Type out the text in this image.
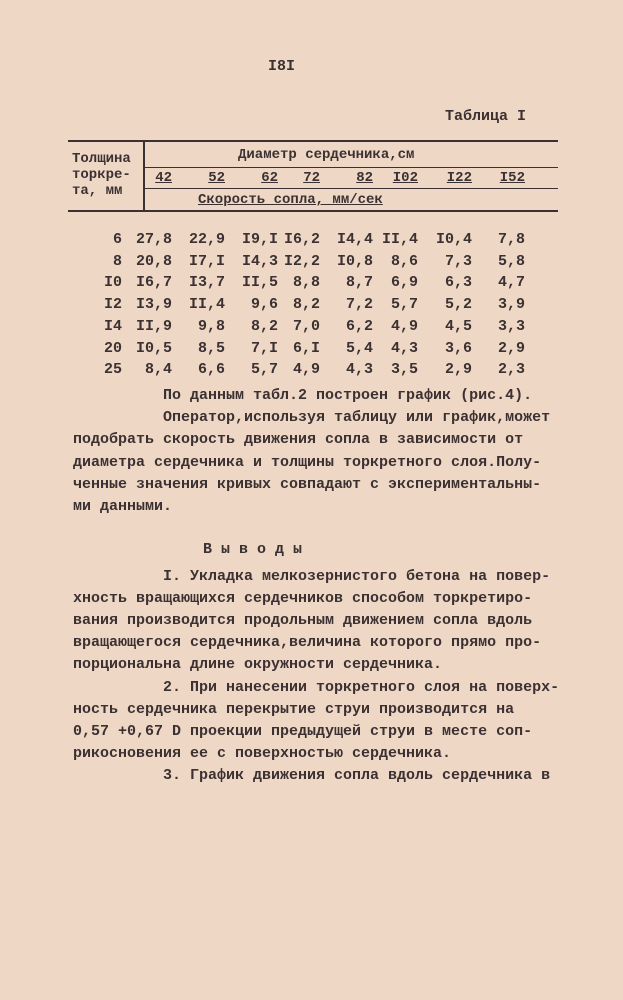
I8I
Таблица I
Толщина
торкре-
та, мм
Диаметр сердечника,см
42	52	62	72	82	I02	I22	I52
Скорость сопла, мм/сек
6 27,8	22,9	I9,I I6,2	I4,4 II,4	I0,4	7,8
8 20,8	I7,I	I4,3 I2,2	I0,8	8,6	7,3	5,8
I0 I6,7	I3,7	II,5 8,8	8,7	6,9	6,3	4,7
I2 I3,9	II,4	9,6 8,2	7,2	5,7	5,2	3,9
I4 II,9	9,8	8,2 7,0	6,2	4,9	4,5	3,3
20 I0,5	8,5	7,I 6,I	5,4	4,3	3,6	2,9
25	8,4	6,6	5,7 4,9	4,3	3,5	2,9	2,3
По данным табл.2 построен график (рис.4).
Оператор,используя таблицу или график,может
подобрать скорость движения сопла в зависимости от
диаметра сердечника и толщины торкретного слоя.Полу-
ченные значения кривых совпадают с экспериментальны-
ми данными.
В ы в о д ы
I. Укладка мелкозернистого бетона на повер-
хность вращающихся сердечников способом торкретиро-
вания производится продольным движением сопла вдоль
вращающегося сердечника,величина которого прямо про-
порциональна длине окружности сердечника.
2. При нанесении торкретного слоя на поверх-
ность сердечника перекрытие струи производится на
0,57 +0,67 D проекции предыдущей струи в месте соп-
рикосновения ее с поверхностью сердечника.
3. График движения сопла вдоль сердечника в
